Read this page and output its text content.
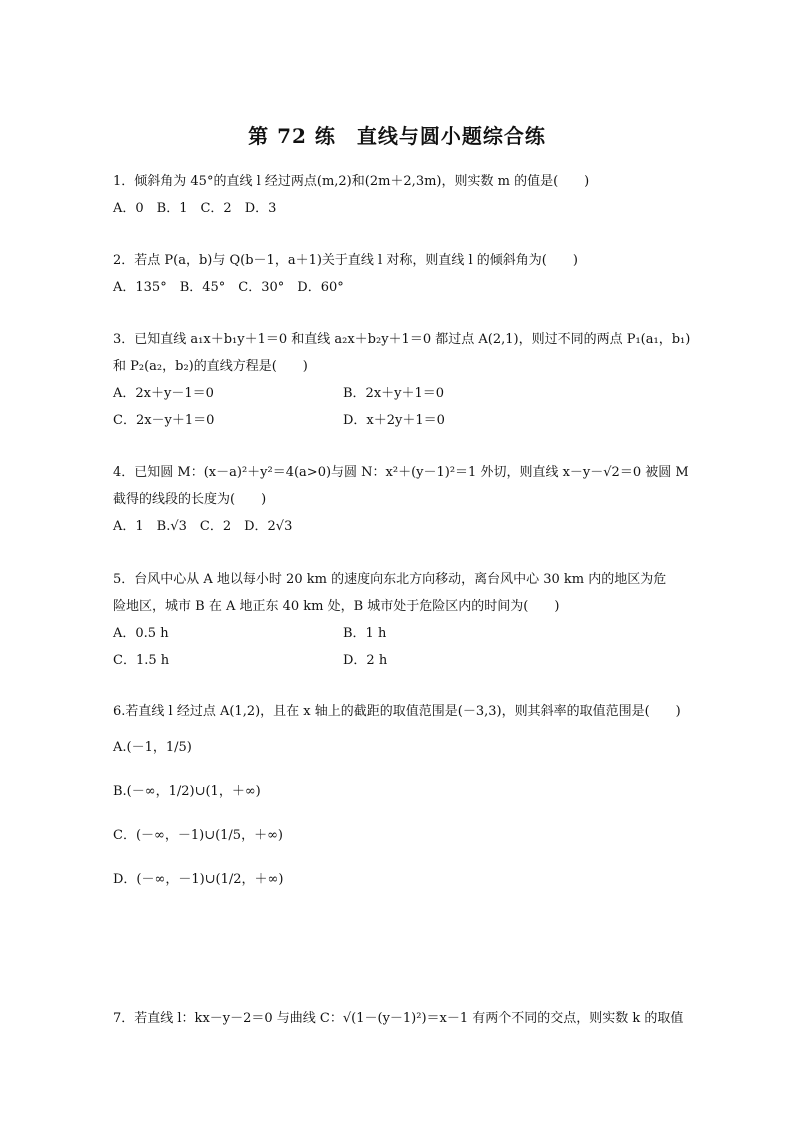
第 72 练　直线与圆小题综合练
1．倾斜角为 45°的直线 l 经过两点(m,2)和(2m＋2,3m)，则实数 m 的值是(　　)
A．0　B．1　C．2　D．3
2．若点 P(a，b)与 Q(b－1，a＋1)关于直线 l 对称，则直线 l 的倾斜角为(　　)
A．135°　B．45°　C．30°　D．60°
3．已知直线 a₁x＋b₁y＋1＝0 和直线 a₂x＋b₂y＋1＝0 都过点 A(2,1)，则过不同的两点 P₁(a₁，b₁)
和 P₂(a₂，b₂)的直线方程是(　　)
A．2x＋y－1＝0	B．2x＋y＋1＝0
C．2x－y＋1＝0	D．x＋2y＋1＝0
4．已知圆 M：(x－a)²＋y²＝4(a>0)与圆 N：x²＋(y－1)²＝1 外切，则直线 x－y－√2＝0 被圆 M
截得的线段的长度为(　　)
A．1　B.√3　C．2　D．2√3
5．台风中心从 A 地以每小时 20 km 的速度向东北方向移动，离台风中心 30 km 内的地区为危
险地区，城市 B 在 A 地正东 40 km 处，B 城市处于危险区内的时间为(　　)
A．0.5 h	B．1 h
C．1.5 h	D．2 h
6.若直线 l 经过点 A(1,2)，且在 x 轴上的截距的取值范围是(－3,3)，则其斜率的取值范围是(　　)
A.(－1，1/5)
B.(－∞，1/2)∪(1，＋∞)
C．(－∞，－1)∪(1/5，＋∞)
D．(－∞，－1)∪(1/2，＋∞)
7．若直线 l：kx－y－2＝0 与曲线 C：√(1－(y－1)²)＝x－1 有两个不同的交点，则实数 k 的取值
